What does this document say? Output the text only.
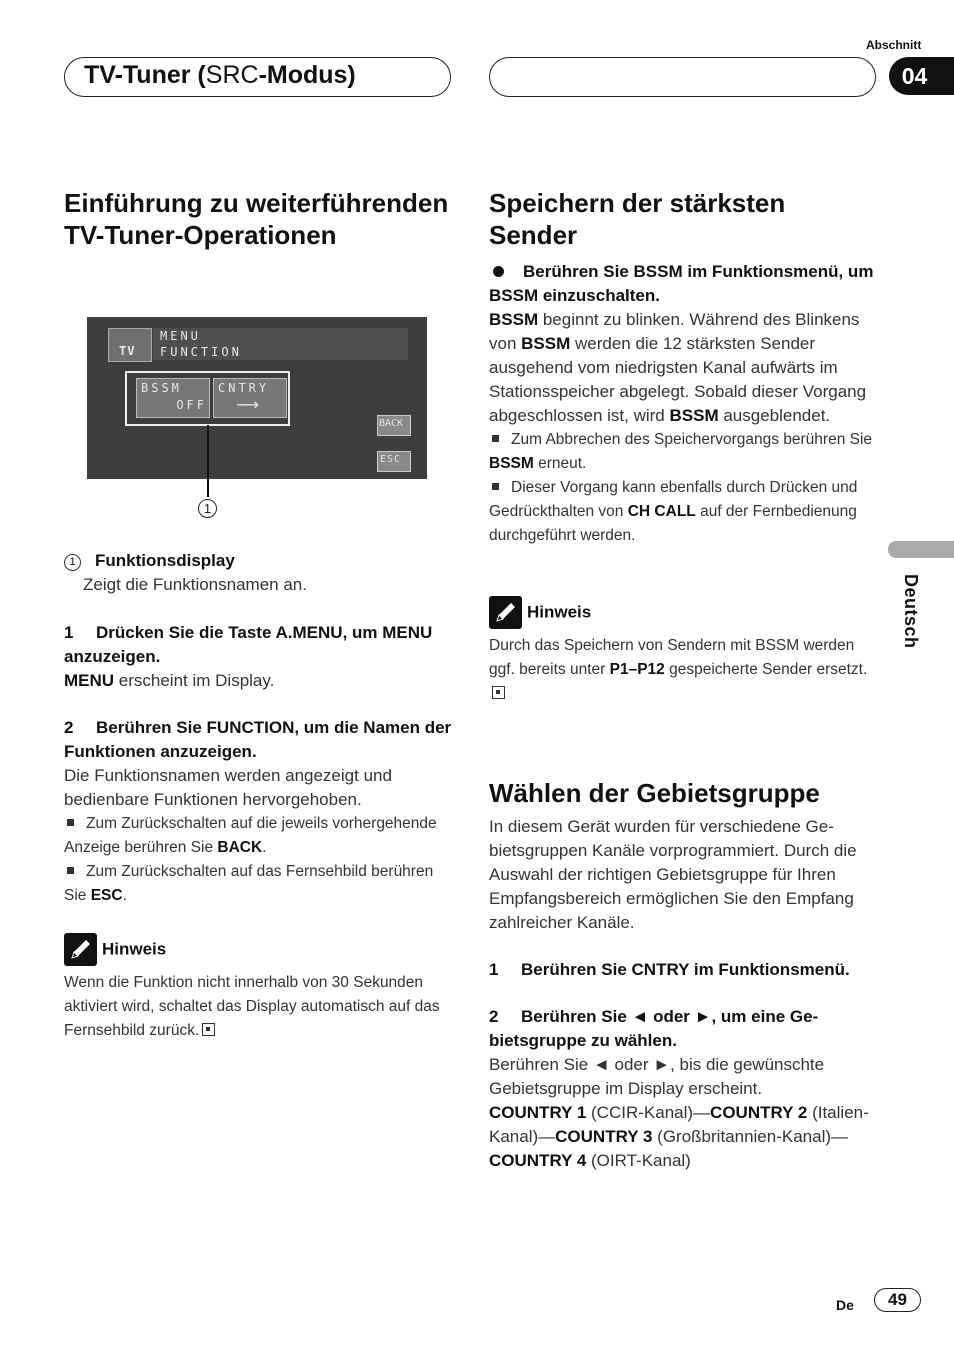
TV-Tuner (SRC-Modus)
Abschnitt
04
Deutsch
Einführung zu weiterführenden TV-Tuner-Operationen
TV
MENU
FUNCTION
BSSM
OFF
CNTRY
⟶
BACK
ESC
1

1 Funktionsdisplay

Zeigt die Funktionsnamen an.

1 Drücken Sie die Taste A.MENU, um MENU anzuzeigen.

MENU erscheint im Display.

2 Berühren Sie FUNCTION, um die Namen der Funktionen anzuzeigen.

Die Funktionsnamen werden angezeigt und bedienbare Funktionen hervorgehoben.

Zum Zurückschalten auf die jeweils vorhergehende Anzeige berühren Sie BACK.

Zum Zurückschalten auf das Fernsehbild berühren Sie ESC.

Hinweis

Wenn die Funktion nicht innerhalb von 30 Sekunden aktiviert wird, schaltet das Display automatisch auf das Fernsehbild zurück.

Speichern der stärksten Sender

Berühren Sie BSSM im Funktionsmenü, um BSSM einzuschalten.

BSSM beginnt zu blinken. Während des Blinkens von BSSM werden die 12 stärksten Sender ausgehend vom niedrigsten Kanal aufwärts im Stationsspeicher abgelegt. Sobald dieser Vorgang abgeschlossen ist, wird BSSM ausgeblendet.

Zum Abbrechen des Speichervorgangs berühren Sie BSSM erneut.

Dieser Vorgang kann ebenfalls durch Drücken und Gedrückthalten von CH CALL auf der Fernbedienung durchgeführt werden.

Hinweis

Durch das Speichern von Sendern mit BSSM werden ggf. bereits unter P1–P12 gespeicherte Sender ersetzt.

Wählen der Gebietsgruppe

In diesem Gerät wurden für verschiedene Gebietsgruppen Kanäle vorprogrammiert. Durch die Auswahl der richtigen Gebietsgruppe für Ihren Empfangsbereich ermöglichen Sie den Empfang zahlreicher Kanäle.

1 Berühren Sie CNTRY im Funktionsmenü.

2 Berühren Sie ◄ oder ►, um eine Gebietsgruppe zu wählen.

Berühren Sie ◄ oder ►, bis die gewünschte Gebietsgruppe im Display erscheint.

COUNTRY 1 (CCIR-Kanal)—COUNTRY 2 (Italien-Kanal)—COUNTRY 3 (Großbritannien-Kanal)—COUNTRY 4 (OIRT-Kanal)

De	49
